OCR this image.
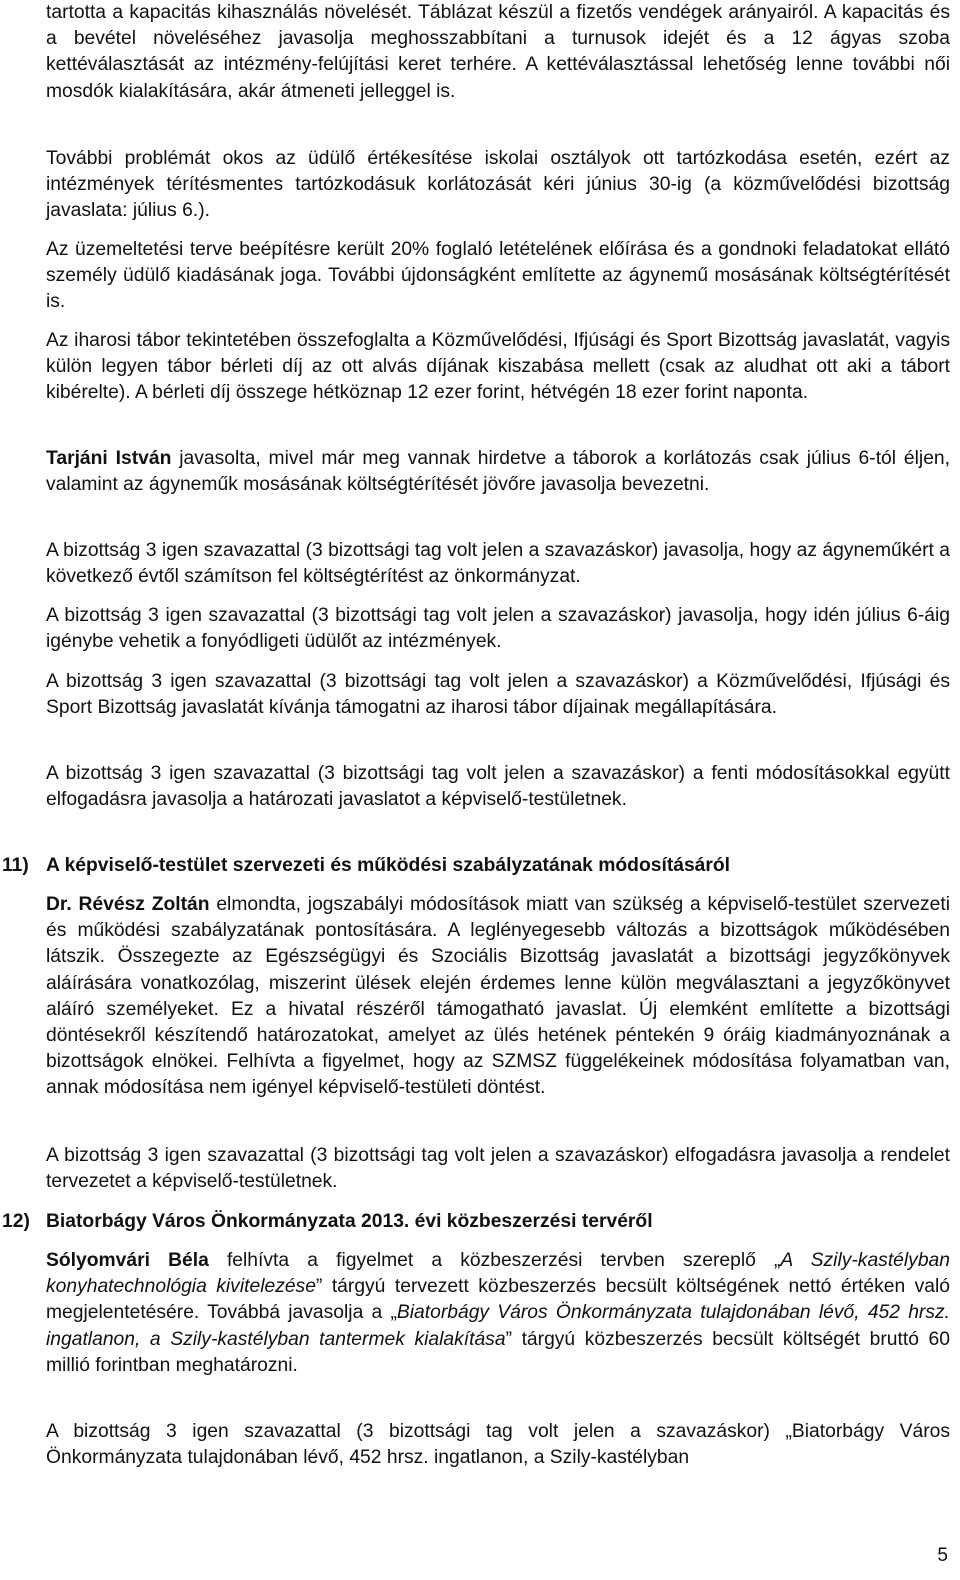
tartotta a kapacitás kihasználás növelését. Táblázat készül a fizetős vendégek arányairól. A kapacitás és a bevétel növeléséhez javasolja meghosszabbítani a turnusok idejét és a 12 ágyas szoba kettéválasztását az intézmény-felújítási keret terhére. A kettéválasztással lehetőség lenne további női mosdók kialakítására, akár átmeneti jelleggel is.

További problémát okos az üdülő értékesítése iskolai osztályok ott tartózkodása esetén, ezért az intézmények térítésmentes tartózkodásuk korlátozását kéri június 30-ig (a közművelődési bizottság javaslata: július 6.).

Az üzemeltetési terve beépítésre került 20% foglaló letételének előírása és a gondnoki feladatokat ellátó személy üdülő kiadásának joga. További újdonságként említette az ágynemű mosásának költségtérítését is.

Az iharosi tábor tekintetében összefoglalta a Közművelődési, Ifjúsági és Sport Bizottság javaslatát, vagyis külön legyen tábor bérleti díj az ott alvás díjának kiszabása mellett (csak az aludhat ott aki a tábort kibérelte). A bérleti díj összege hétköznap 12 ezer forint, hétvégén 18 ezer forint naponta.

Tarjáni István javasolta, mivel már meg vannak hirdetve a táborok a korlátozás csak július 6-tól éljen, valamint az ágyneműk mosásának költségtérítését jövőre javasolja bevezetni.

A bizottság 3 igen szavazattal (3 bizottsági tag volt jelen a szavazáskor) javasolja, hogy az ágyneműkért a következő évtől számítson fel költségtérítést az önkormányzat.

A bizottság 3 igen szavazattal (3 bizottsági tag volt jelen a szavazáskor) javasolja, hogy idén július 6-áig igénybe vehetik a fonyódligeti üdülőt az intézmények.

A bizottság 3 igen szavazattal (3 bizottsági tag volt jelen a szavazáskor) a Közművelődési, Ifjúsági és Sport Bizottság javaslatát kívánja támogatni az iharosi tábor díjainak megállapítására.

A bizottság 3 igen szavazattal (3 bizottsági tag volt jelen a szavazáskor) a fenti módosításokkal együtt elfogadásra javasolja a határozati javaslatot a képviselő-testületnek.

11) A képviselő-testület szervezeti és működési szabályzatának módosításáról

Dr. Révész Zoltán elmondta, jogszabályi módosítások miatt van szükség a képviselő-testület szervezeti és működési szabályzatának pontosítására. A leglényegesebb változás a bizottságok működésében látszik. Összegezte az Egészségügyi és Szociális Bizottság javaslatát a bizottsági jegyzőkönyvek aláírására vonatkozólag, miszerint ülések elején érdemes lenne külön megválasztani a jegyzőkönyvet aláíró személyeket. Ez a hivatal részéről támogatható javaslat. Új elemként említette a bizottsági döntésekről készítendő határozatokat, amelyet az ülés hetének péntekén 9 óráig kiadmányoznának a bizottságok elnökei. Felhívta a figyelmet, hogy az SZMSZ függelékeinek módosítása folyamatban van, annak módosítása nem igényel képviselő-testületi döntést.

A bizottság 3 igen szavazattal (3 bizottsági tag volt jelen a szavazáskor) elfogadásra javasolja a rendelet tervezetet a képviselő-testületnek.

12) Biatorbágy Város Önkormányzata 2013. évi közbeszerzési tervéről

Sólyomvári Béla felhívta a figyelmet a közbeszerzési tervben szereplő „A Szily-kastélyban konyhatechnológia kivitelezése” tárgyú tervezett közbeszerzés becsült költségének nettó értéken való megjelentetésére. Továbbá javasolja a „Biatorbágy Város Önkormányzata tulajdonában lévő, 452 hrsz. ingatlanon, a Szily-kastélyban tantermek kialakítása” tárgyú közbeszerzés becsült költségét bruttó 60 millió forintban meghatározni.

A bizottság 3 igen szavazattal (3 bizottsági tag volt jelen a szavazáskor) „Biatorbágy Város Önkormányzata tulajdonában lévő, 452 hrsz. ingatlanon, a Szily-kastélyban

5
